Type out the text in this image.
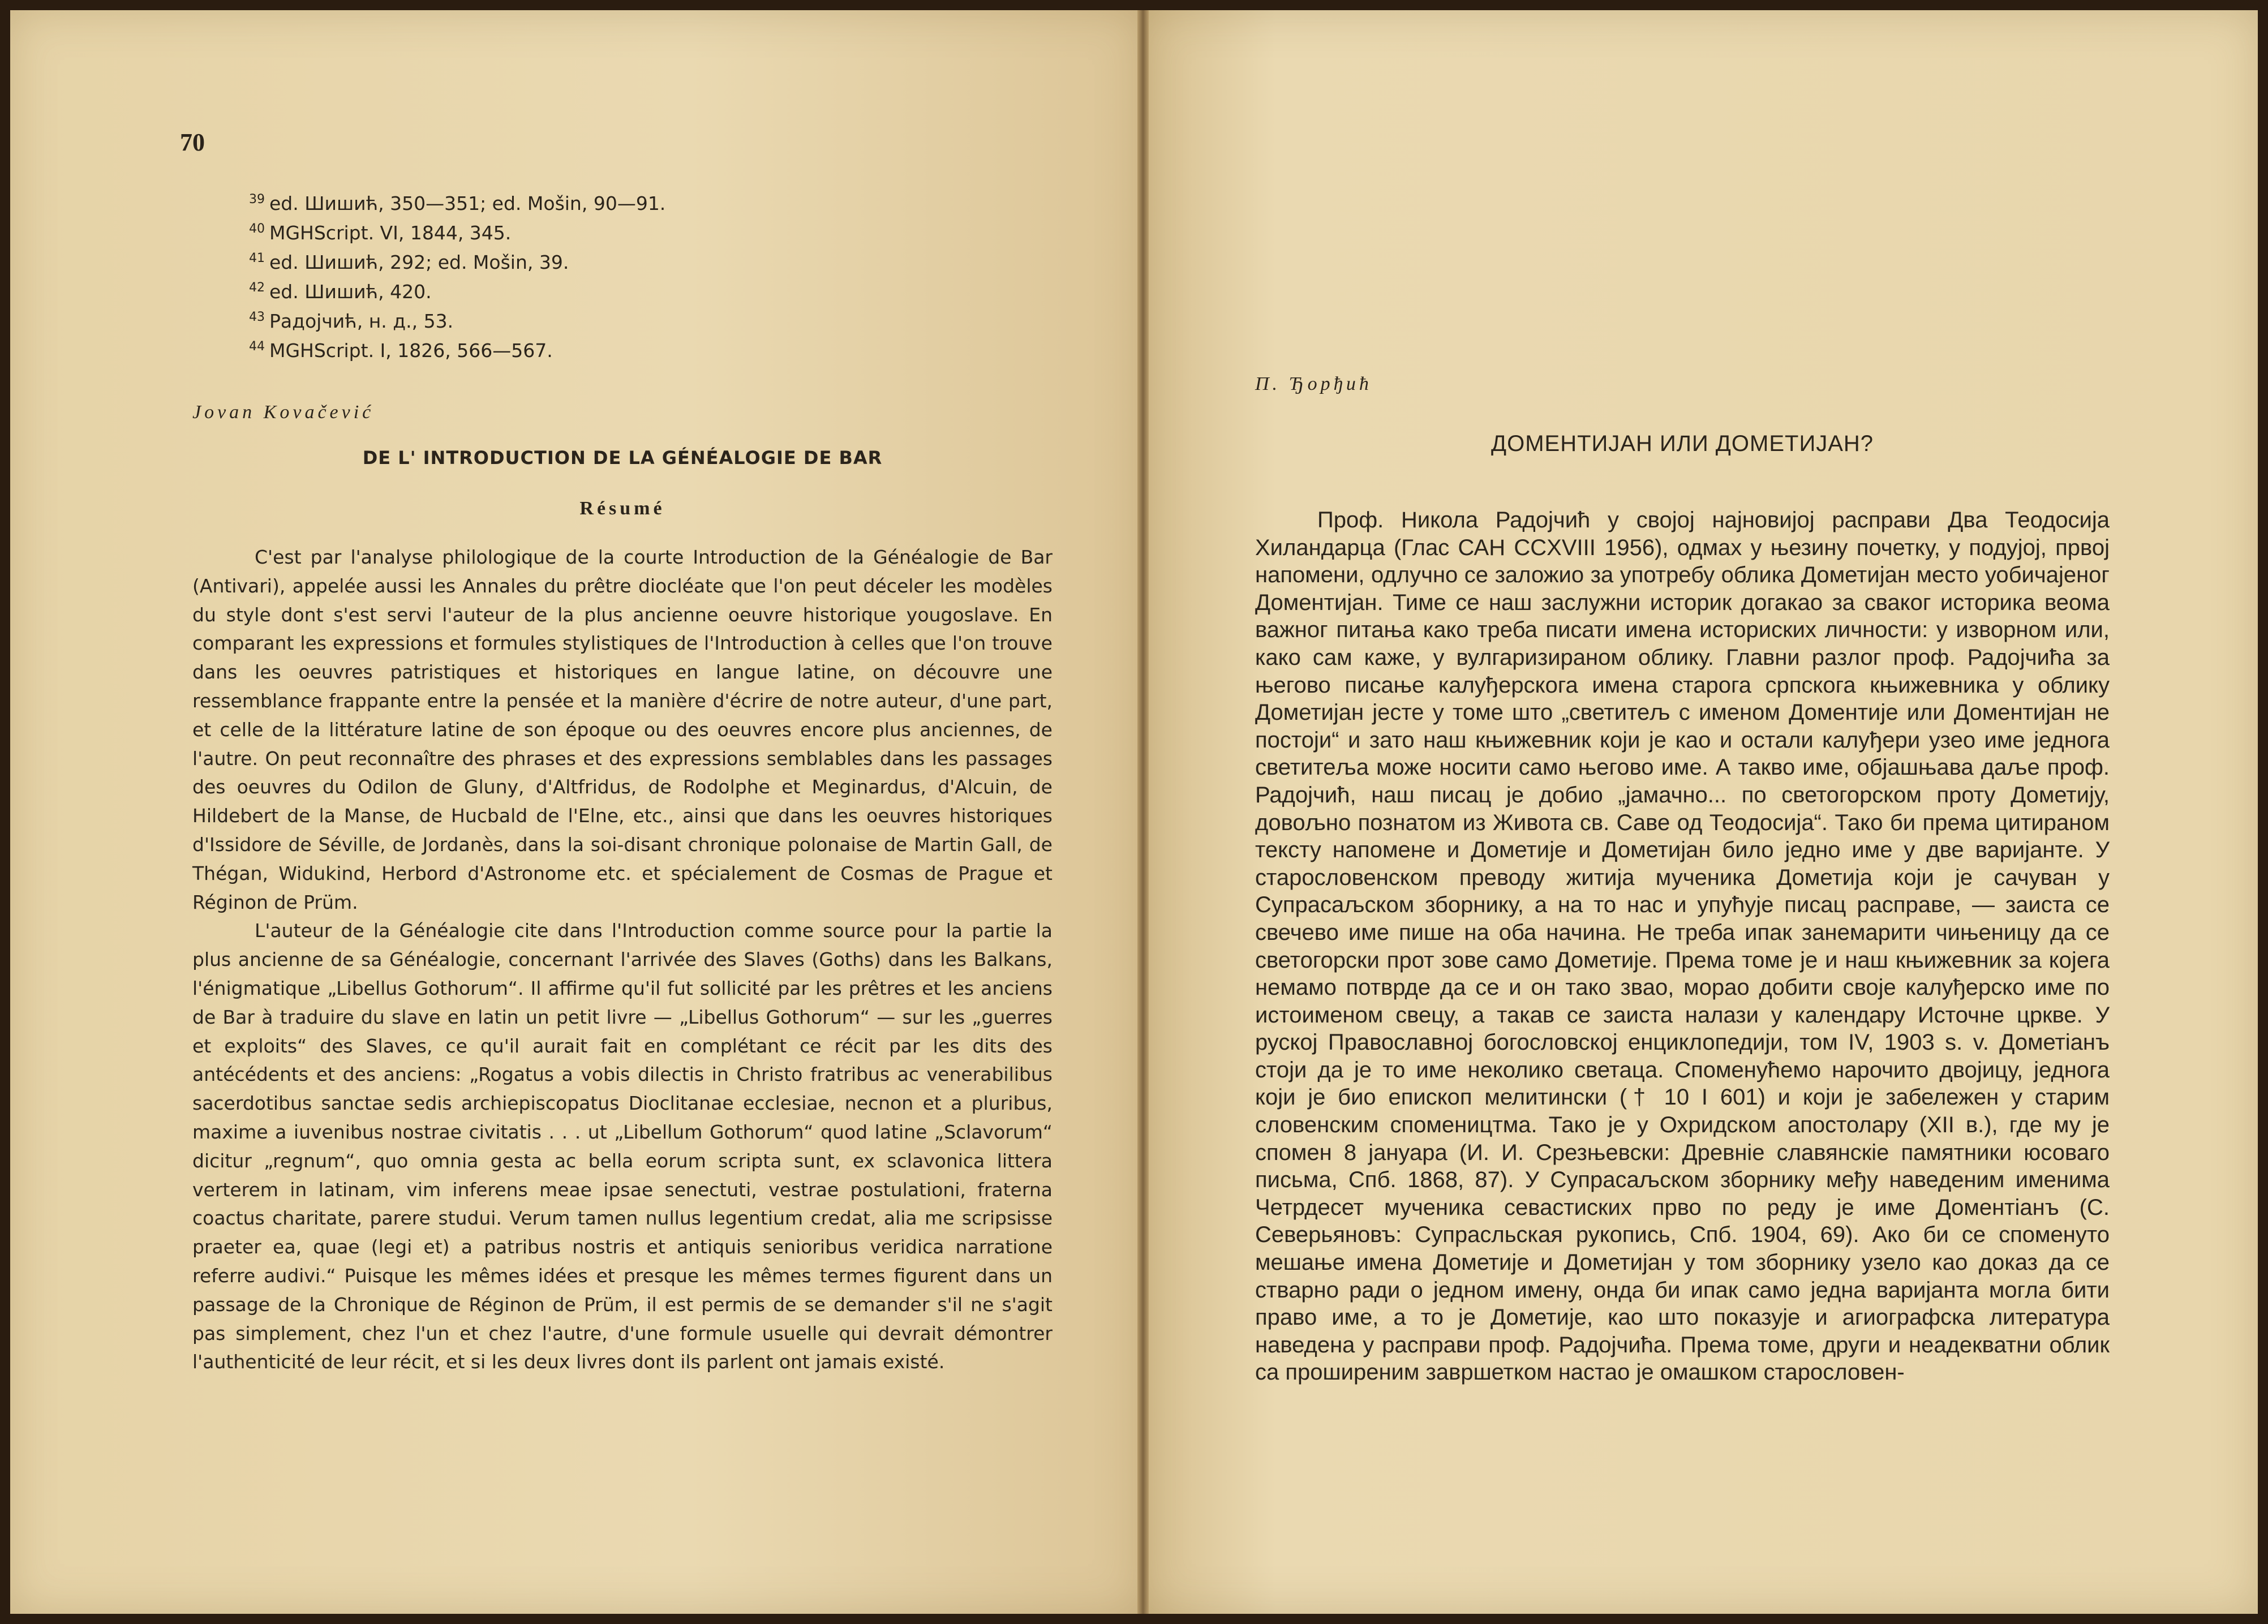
70
$^{39}$ ed. Шишић, 350—351; ed. Mošin, 90—91.
$^{40}$ MGHScript. VI, 1844, 345.
$^{41}$ ed. Шишић, 292; ed. Mošin, 39.
$^{42}$ ed. Шишић, 420.
$^{43}$ Радојчић, н. д., 53.
$^{44}$ MGHScript. I, 1826, 566—567.
Jovan Kovačević
DE L' INTRODUCTION DE LA GÉNÉALOGIE DE BAR
Résumé

C'est par l'analyse philologique de la courte Introduction de la Généalogie de Bar (Antivari), appelée aussi les Annales du prêtre diocléate que l'on peut déceler les modèles du style dont s'est servi l'auteur de la plus ancienne oeuvre historique yougoslave. En comparant les expressions et formules stylistiques de l'Introduction à celles que l'on trouve dans les oeuvres patristiques et historiques en langue latine, on découvre une ressemblance frappante entre la pensée et la manière d'écrire de notre auteur, d'une part, et celle de la littérature latine de son époque ou des oeuvres encore plus anciennes, de l'autre. On peut reconnaître des phrases et des expressions semblables dans les passages des oeuvres du Odilon de Gluny, d'Altfridus, de Rodolphe et Meginardus, d'Alcuin, de Hildebert de la Manse, de Hucbald de l'Elne, etc., ainsi que dans les oeuvres historiques d'Issidore de Séville, de Jordanès, dans la soi-disant chronique polonaise de Martin Gall, de Thégan, Widukind, Herbord d'Astronome etc. et spécialement de Cosmas de Prague et Réginon de Prüm.

L'auteur de la Généalogie cite dans l'Introduction comme source pour la partie la plus ancienne de sa Généalogie, concernant l'arrivée des Slaves (Goths) dans les Balkans, l'énigmatique „Libellus Gothorum“. Il affirme qu'il fut sollicité par les prêtres et les anciens de Bar à traduire du slave en latin un petit livre — „Libellus Gothorum“ — sur les „guerres et exploits“ des Slaves, ce qu'il aurait fait en complétant ce récit par les dits des antécédents et des anciens: „Rogatus a vobis dilectis in Christo fratribus ac venerabilibus sacerdotibus sanctae sedis archiepiscopatus Dioclitanae ecclesiae, necnon et a pluribus, maxime a iuvenibus nostrae civitatis . . . ut „Libellum Gothorum“ quod latine „Sclavorum“ dicitur „regnum“, quo omnia gesta ac bella eorum scripta sunt, ex sclavonica littera verterem in latinam, vim inferens meae ipsae senectuti, vestrae postulationi, fraterna coactus charitate, parere studui. Verum tamen nullus legentium credat, alia me scripsisse praeter ea, quae (legi et) a patribus nostris et antiquis senioribus veridica narratione referre audivi.“ Puisque les mêmes idées et presque les mêmes termes figurent dans un passage de la Chronique de Réginon de Prüm, il est permis de se demander s'il ne s'agit pas simplement, chez l'un et chez l'autre, d'une formule usuelle qui devrait démontrer l'authenticité de leur récit, et si les deux livres dont ils parlent ont jamais existé.

П. Ђорђић
ДОМЕНТИЈАН ИЛИ ДОМЕТИЈАН?

Проф. Никола Радојчић у својој најновијој расправи Два Теодосија Хиландарца (Глас САН CCXVIII 1956), одмах у њезину почетку, у подујој, првој напомени, одлучно се заложио за употребу облика Дометијан место уобичајеног Доментијан. Тиме се наш заслужни историк догакао за сваког историка веома важног питања како треба писати имена историских личности: у изворном или, како сам каже, у вулгаризираном облику. Главни разлог проф. Радојчића за његово писање калуђерскога имена старога српскога књижевника у облику Дометијан јесте у томе што „светитељ с именом Доментије или Доментијан не постоји“ и зато наш књижевник који је као и остали калуђери узео име једнога светитеља може носити само његово име. А такво име, објашњава даље проф. Радојчић, наш писац је добио „јамачно... по светогорском проту Дометију, довољно познатом из Живота св. Саве од Теодосија“. Тако би према цитираном тексту напомене и Дометије и Дометијан било једно име у две варијанте. У старословенском преводу житија мученика Дометија који је сачуван у Супрасаљском зборнику, а на то нас и упућује писац расправе, — заиста се свечево име пише на оба начина. Не треба ипак занемарити чињеницу да се светогорски прот зове само Дометије. Према томе је и наш књижевник за којега немамо потврде да се и он тако звао, морао добити своје калуђерско име по истоименом свецу, а такав се заиста налази у календару Источне цркве. У руској Православној богословској енциклопедији, том IV, 1903 s. v. Дометіанъ стоји да је то име неколико светаца. Споменућемо нарочито двојицу, једнога који је био епископ мелитински († 10 I 601) и који је забележен у старим словенским спомеництма. Тако је у Охридском апостолару (XII в.), где му је спомен 8 јануара (И. И. Срезњевски: Древніе славянскіе памятники юсоваго письма, Спб. 1868, 87). У Супрасаљском зборнику међу наведеним именима Четрдесет мученика севастиских прво по реду је име Доментіанъ (С. Северьяновъ: Супрасльская рукопись, Спб. 1904, 69). Ако би се споменуто мешање имена Дометије и Дометијан у том зборнику узело као доказ да се стварно ради о једном имену, онда би ипак само једна варијанта могла бити право име, а то је Дометије, као што показује и агиографска литература наведена у расправи проф. Радојчића. Према томе, други и неадекватни облик са проширеним завршетком настао је омашком старословен-
